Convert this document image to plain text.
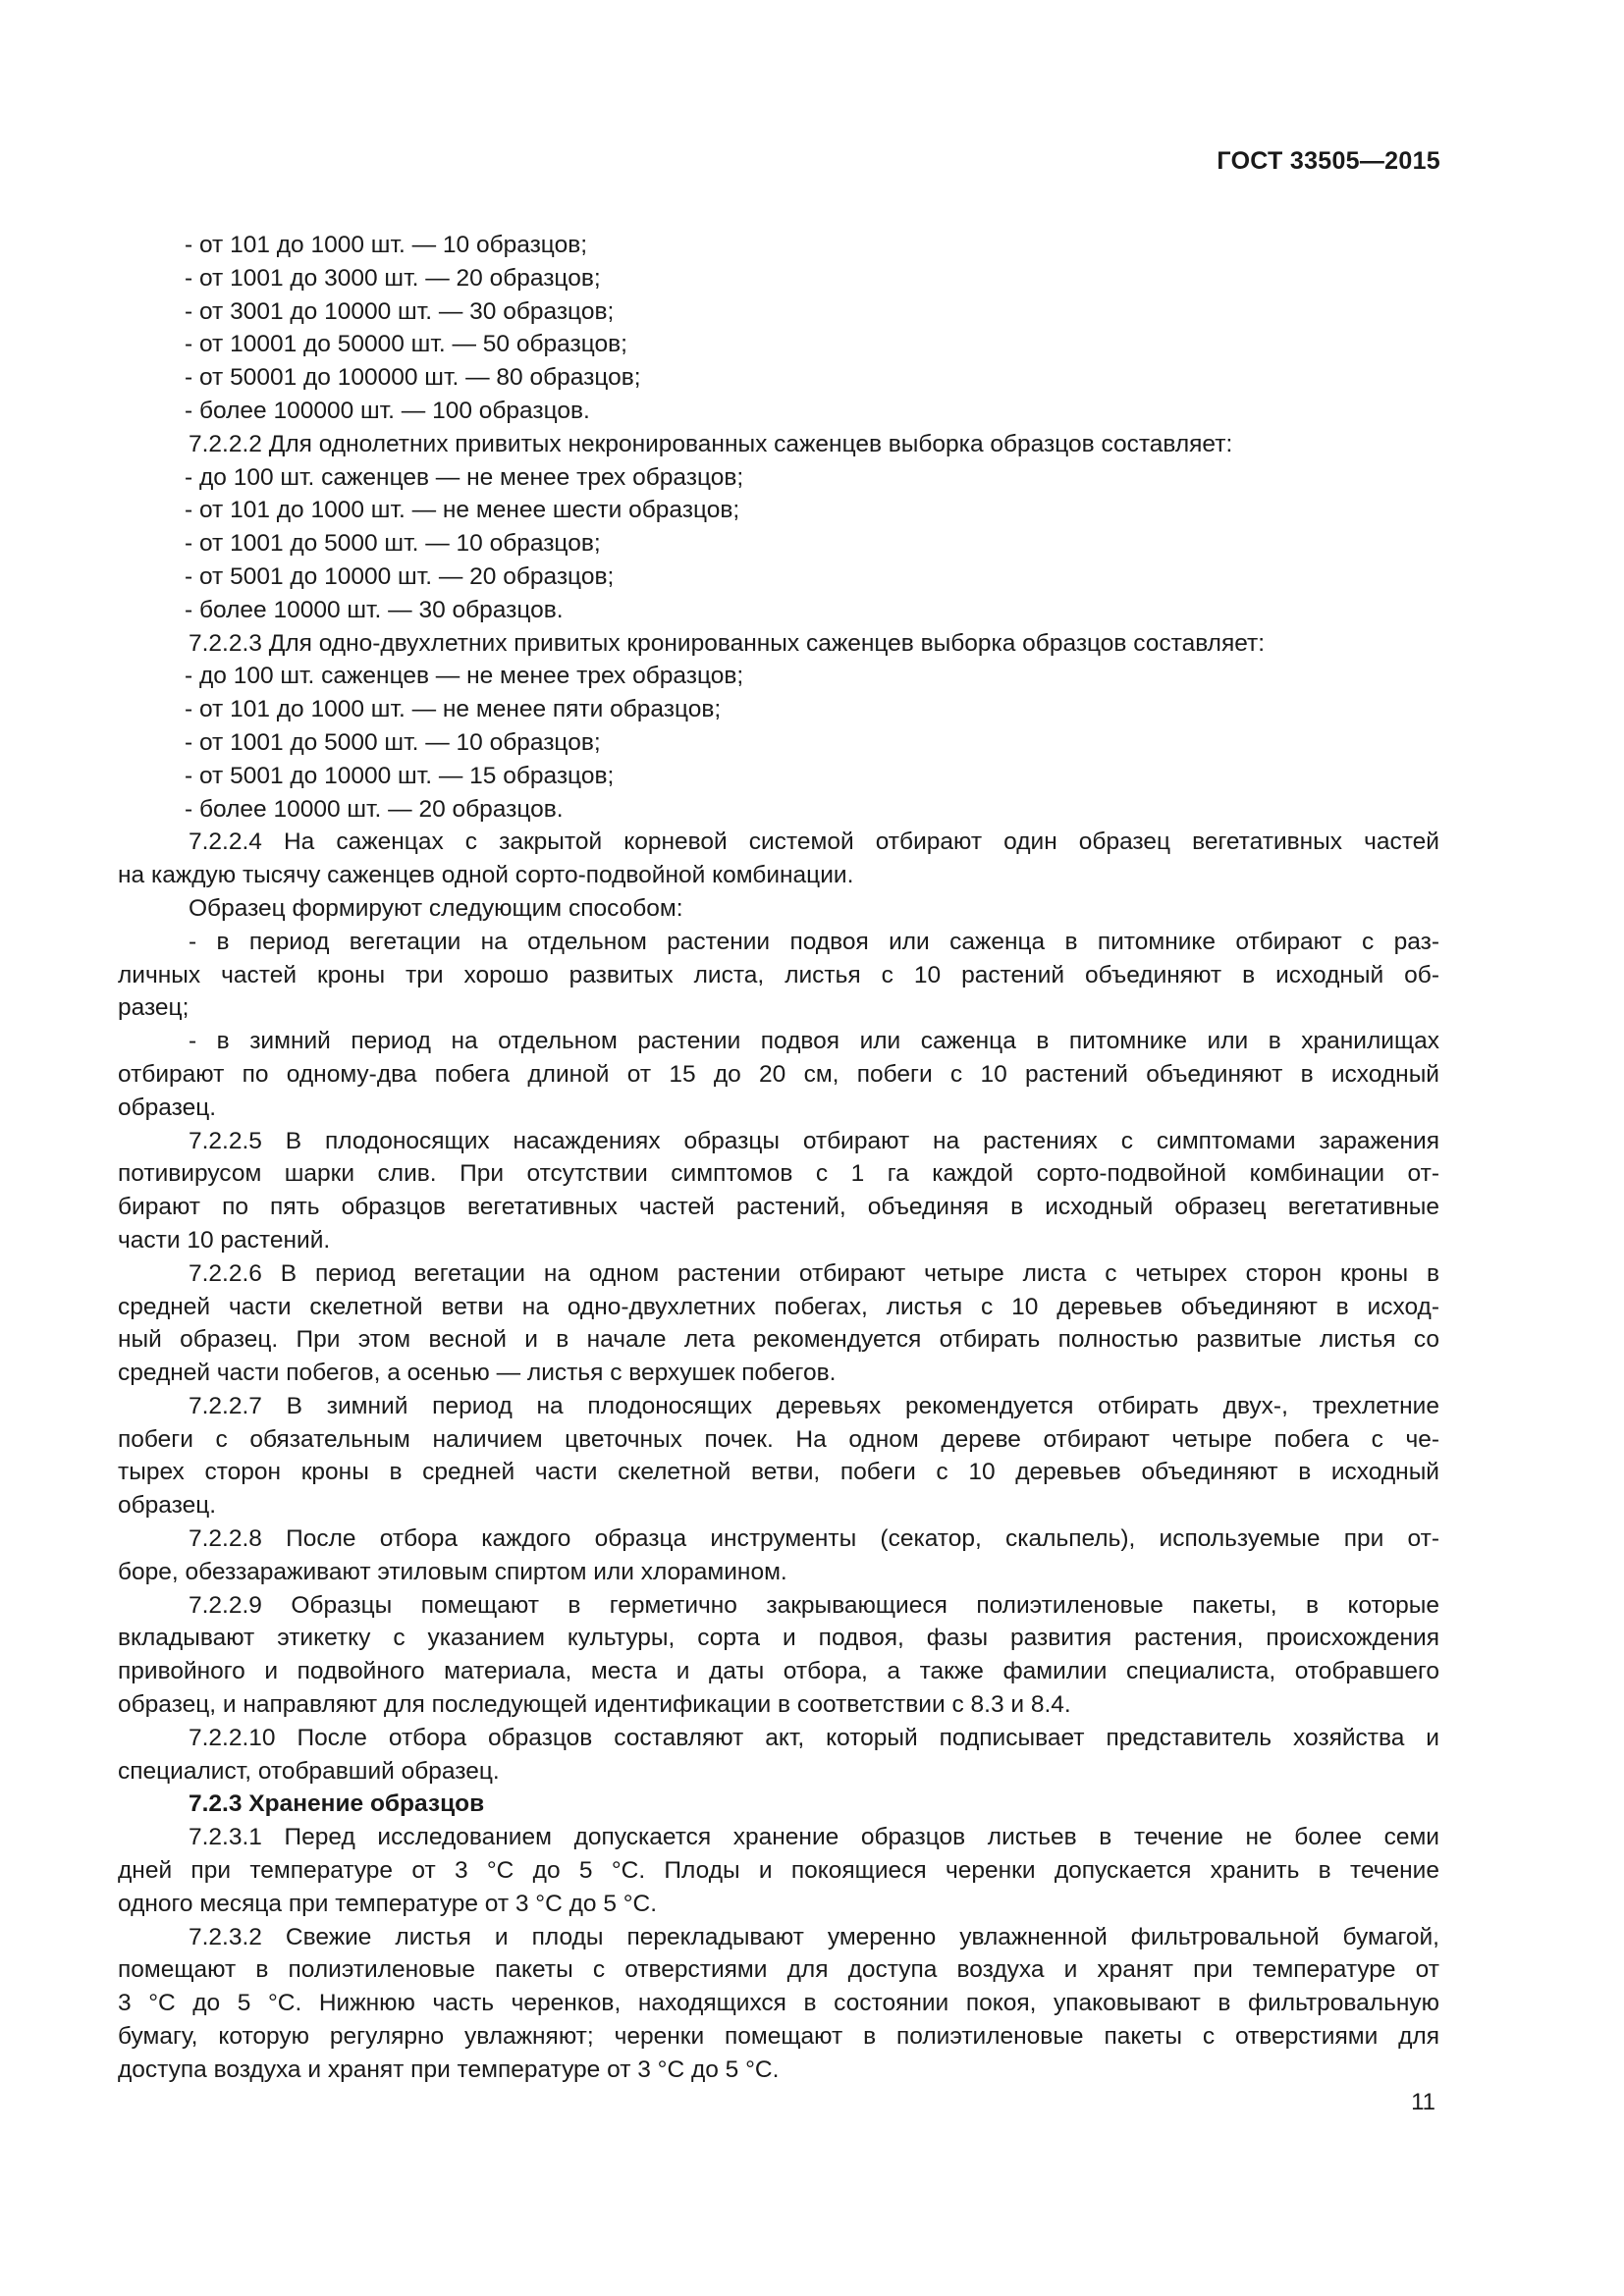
ГОСТ 33505—2015
- от 101 до 1000 шт. — 10 образцов;
- от 1001 до 3000 шт. — 20 образцов;
- от 3001 до 10000 шт. — 30 образцов;
- от 10001 до 50000 шт. — 50 образцов;
- от 50001 до 100000 шт. — 80 образцов;
- более 100000 шт. — 100 образцов.
7.2.2.2 Для однолетних привитых некронированных саженцев выборка образцов составляет:
- до 100 шт. саженцев — не менее трех образцов;
- от 101 до 1000 шт. — не менее шести образцов;
- от 1001 до 5000 шт. — 10 образцов;
- от 5001 до 10000 шт. — 20 образцов;
- более 10000 шт. — 30 образцов.
7.2.2.3 Для одно-двухлетних привитых кронированных саженцев выборка образцов составляет:
- до 100 шт. саженцев — не менее трех образцов;
- от 101 до 1000 шт. — не менее пяти образцов;
- от 1001 до 5000 шт. — 10 образцов;
- от 5001 до 10000 шт. — 15 образцов;
- более 10000 шт. — 20 образцов.
7.2.2.4 На саженцах с закрытой корневой системой отбирают один образец вегетативных частей
на каждую тысячу саженцев одной сорто-подвойной комбинации.
Образец формируют следующим способом:
- в период вегетации на отдельном растении подвоя или саженца в питомнике отбирают с раз-
личных частей кроны три хорошо развитых листа, листья с 10 растений объединяют в исходный об-
разец;
- в зимний период на отдельном растении подвоя или саженца в питомнике или в хранилищах
отбирают по одному-два побега длиной от 15 до 20 см, побеги с 10 растений объединяют в исходный
образец.
7.2.2.5 В плодоносящих насаждениях образцы отбирают на растениях с симптомами заражения
потивирусом шарки слив. При отсутствии симптомов с 1 га каждой сорто-подвойной комбинации от-
бирают по пять образцов вегетативных частей растений, объединяя в исходный образец вегетативные
части 10 растений.
7.2.2.6 В период вегетации на одном растении отбирают четыре листа с четырех сторон кроны в
средней части скелетной ветви на одно-двухлетних побегах, листья с 10 деревьев объединяют в исход-
ный образец. При этом весной и в начале лета рекомендуется отбирать полностью развитые листья со
средней части побегов, а осенью — листья с верхушек побегов.
7.2.2.7 В зимний период на плодоносящих деревьях рекомендуется отбирать двух-, трехлетние
побеги с обязательным наличием цветочных почек. На одном дереве отбирают четыре побега с че-
тырех сторон кроны в средней части скелетной ветви, побеги с 10 деревьев объединяют в исходный
образец.
7.2.2.8 После отбора каждого образца инструменты (секатор, скальпель), используемые при от-
боре, обеззараживают этиловым спиртом или хлорамином.
7.2.2.9 Образцы помещают в герметично закрывающиеся полиэтиленовые пакеты, в которые
вкладывают этикетку с указанием культуры, сорта и подвоя, фазы развития растения, происхождения
привойного и подвойного материала, места и даты отбора, а также фамилии специалиста, отобравшего
образец, и направляют для последующей идентификации в соответствии с 8.3 и 8.4.
7.2.2.10 После отбора образцов составляют акт, который подписывает представитель хозяйства и
специалист, отобравший образец.
7.2.3 Хранение образцов
7.2.3.1 Перед исследованием допускается хранение образцов листьев в течение не более семи
дней при температуре от 3 °С до 5 °С. Плоды и покоящиеся черенки допускается хранить в течение
одного месяца при температуре от 3 °С до 5 °С.
7.2.3.2 Свежие листья и плоды перекладывают умеренно увлажненной фильтровальной бумагой,
помещают в полиэтиленовые пакеты с отверстиями для доступа воздуха и хранят при температуре от
3 °С до 5 °С. Нижнюю часть черенков, находящихся в состоянии покоя, упаковывают в фильтровальную
бумагу, которую регулярно увлажняют; черенки помещают в полиэтиленовые пакеты с отверстиями для
доступа воздуха и хранят при температуре от 3 °С до 5 °С.
11
